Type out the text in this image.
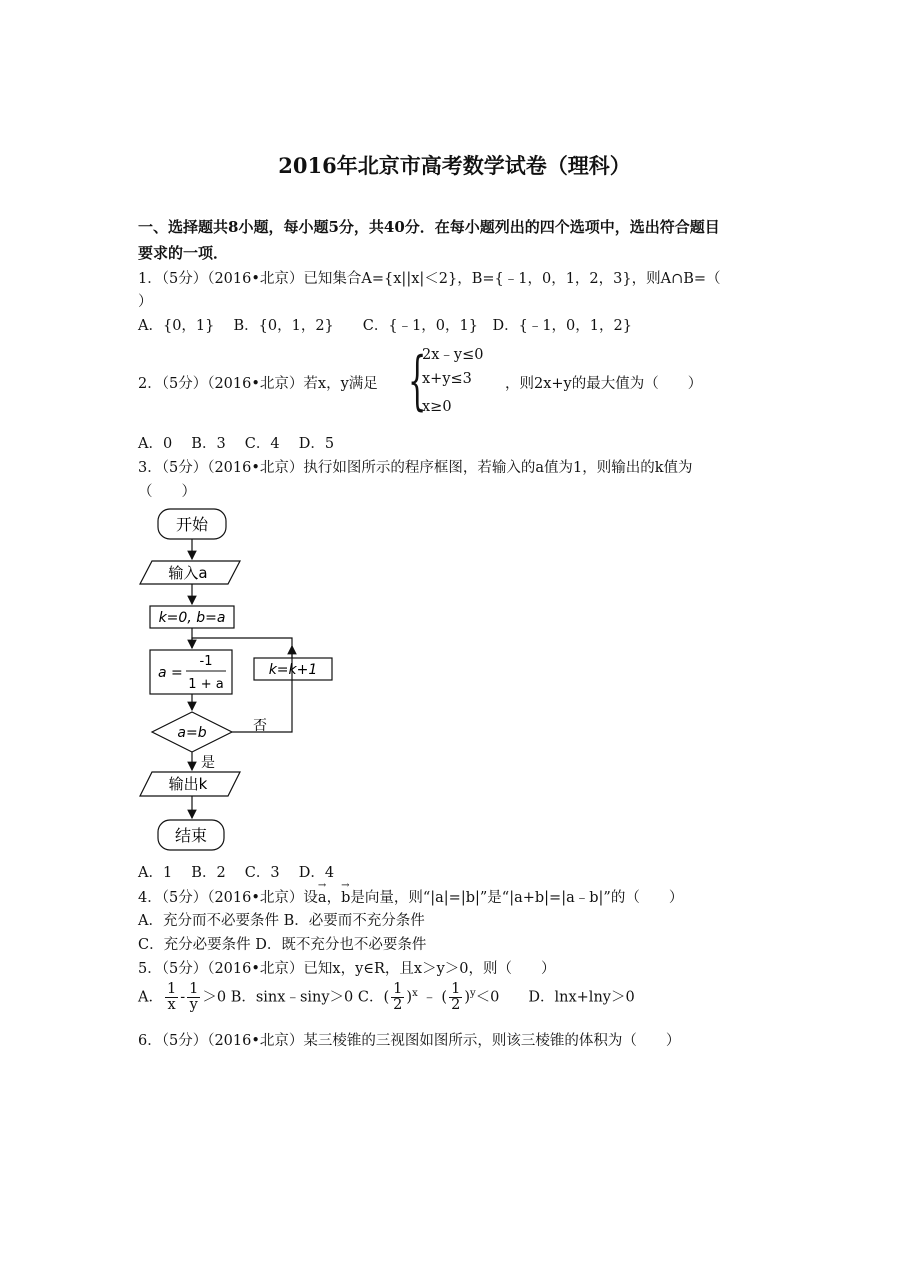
2016年北京市高考数学试卷（理科）
一、选择题共8小题，每小题5分，共40分．在每小题列出的四个选项中，选出符合题目
要求的一项．
1．（5分）（2016•北京）已知集合A={x||x|＜2}，B={﹣1，0，1，2，3}，则A∩B=（
）
A．{0，1}　 B．{0，1，2}　　C．{﹣1，0，1}　D．{﹣1，0，1，2}
2．（5分）（2016•北京）若x，y满足 {
2x﹣y≤0
x+y≤3
x≥0
，则2x+y的最大值为（　　）
A．0　 B．3　 C．4　 D．5
3．（5分）（2016•北京）执行如图所示的程序框图，若输入的a值为1，则输出的k值为
（　　）
开始
输入a
k=0, b=a
a =
-1
1 + a
a=b	否
k=k+1
是
输出k
结束
A．1　 B．2　 C．3　 D．4
4．（5分）（2016•北京）设→ a，→ b是向量，则“|a|=|b|”是“|a+b|=|a﹣b|”的（　　）
A．充分而不必要条件 B．必要而不充分条件
C．充分必要条件 D．既不充分也不必要条件
5．（5分）（2016•北京）已知x，y∈R，且x＞y＞0，则（　　）
A． $\frac{1}{x} - \frac{1}{y} >0$ B．sinx﹣siny＞0 C．( $\frac{1}{2} )^x$ ﹣ ( $\frac{1}{2} )^y<0$　　D．lnx+lny＞0
6．（5分）（2016•北京）某三棱锥的三视图如图所示，则该三棱锥的体积为（　　）
